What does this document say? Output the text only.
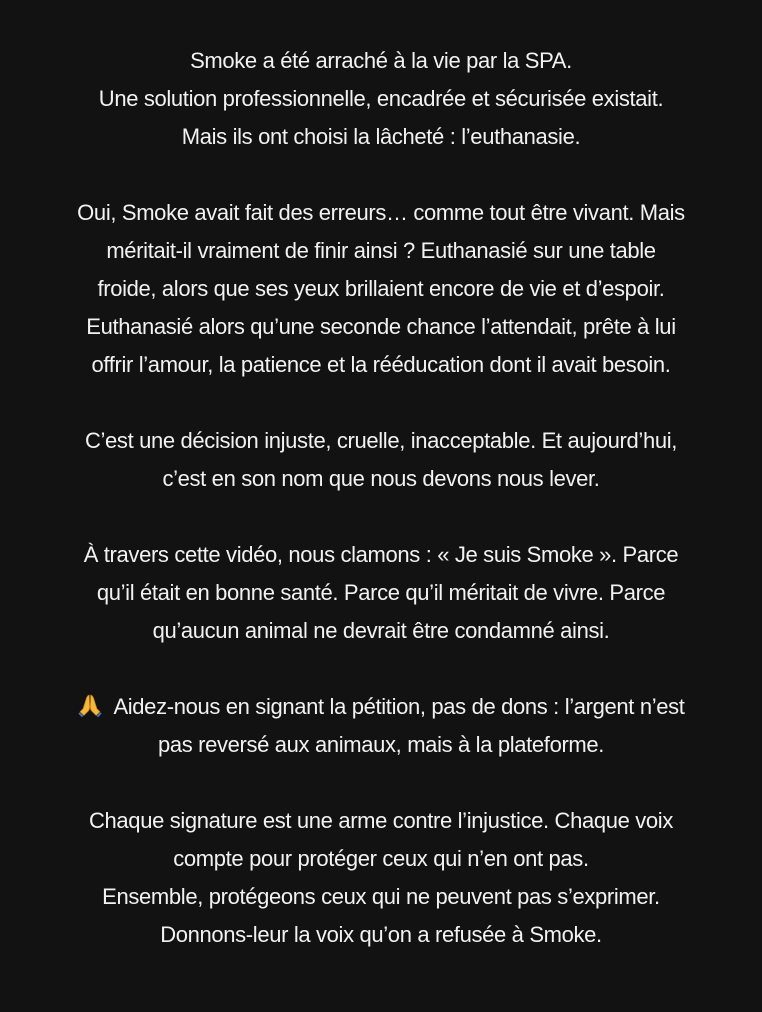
Smoke a été arraché à la vie par la SPA.
Une solution professionnelle, encadrée et sécurisée existait.
Mais ils ont choisi la lâcheté : l’euthanasie.
Oui, Smoke avait fait des erreurs… comme tout être vivant. Mais
méritait-il vraiment de finir ainsi ? Euthanasié sur une table
froide, alors que ses yeux brillaient encore de vie et d’espoir.
Euthanasié alors qu’une seconde chance l’attendait, prête à lui
offrir l’amour, la patience et la rééducation dont il avait besoin.
C’est une décision injuste, cruelle, inacceptable. Et aujourd’hui,
c’est en son nom que nous devons nous lever.
À travers cette vidéo, nous clamons : « Je suis Smoke ». Parce
qu’il était en bonne santé. Parce qu’il méritait de vivre. Parce
qu’aucun animal ne devrait être condamné ainsi.
Aidez-nous en signant la pétition, pas de dons : l’argent n’est
pas reversé aux animaux, mais à la plateforme.
Chaque signature est une arme contre l’injustice. Chaque voix
compte pour protéger ceux qui n’en ont pas.
Ensemble, protégeons ceux qui ne peuvent pas s’exprimer.
Donnons-leur la voix qu’on a refusée à Smoke.
